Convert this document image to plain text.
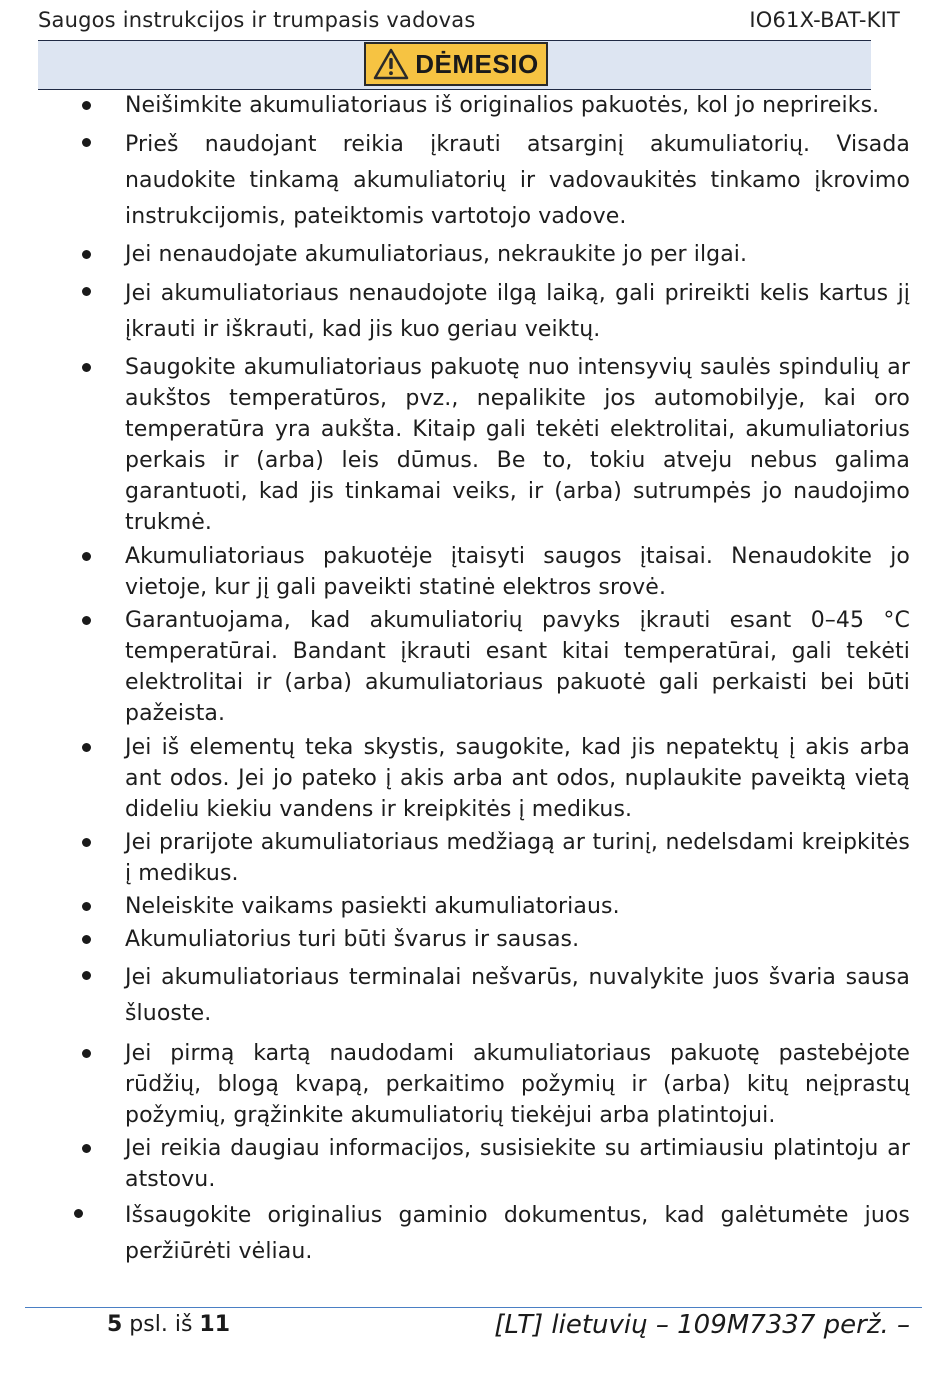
Saugos instrukcijos ir trumpasis vadovas	IO61X-BAT-KIT
DĖMESIO
Neišimkite akumuliatoriaus iš originalios pakuotės, kol jo neprireiks.
Prieš naudojant reikia įkrauti atsarginį akumuliatorių. Visada naudokite tinkamą akumuliatorių ir vadovaukitės tinkamo įkrovimo instrukcijomis, pateiktomis vartotojo vadove.
Jei nenaudojate akumuliatoriaus, nekraukite jo per ilgai.
Jei akumuliatoriaus nenaudojote ilgą laiką, gali prireikti kelis kartus jį įkrauti ir iškrauti, kad jis kuo geriau veiktų.
Saugokite akumuliatoriaus pakuotę nuo intensyvių saulės spindulių ar aukštos temperatūros, pvz., nepalikite jos automobilyje, kai oro temperatūra yra aukšta. Kitaip gali tekėti elektrolitai, akumuliatorius perkais ir (arba) leis dūmus. Be to, tokiu atveju nebus galima garantuoti, kad jis tinkamai veiks, ir (arba) sutrumpės jo naudojimo trukmė.
Akumuliatoriaus pakuotėje įtaisyti saugos įtaisai. Nenaudokite jo vietoje, kur jį gali paveikti statinė elektros srovė.
Garantuojama, kad akumuliatorių pavyks įkrauti esant 0–45 °C temperatūrai. Bandant įkrauti esant kitai temperatūrai, gali tekėti elektrolitai ir (arba) akumuliatoriaus pakuotė gali perkaisti bei būti pažeista.
Jei iš elementų teka skystis, saugokite, kad jis nepatektų į akis arba ant odos. Jei jo pateko į akis arba ant odos, nuplaukite paveiktą vietą dideliu kiekiu vandens ir kreipkitės į medikus.
Jei prarijote akumuliatoriaus medžiagą ar turinį, nedelsdami kreipkitės į medikus.
Neleiskite vaikams pasiekti akumuliatoriaus.
Akumuliatorius turi būti švarus ir sausas.
Jei akumuliatoriaus terminalai nešvarūs, nuvalykite juos švaria sausa šluoste.
Jei pirmą kartą naudodami akumuliatoriaus pakuotę pastebėjote rūdžių, blogą kvapą, perkaitimo požymių ir (arba) kitų neįprastų požymių, grąžinkite akumuliatorių tiekėjui arba platintojui.
Jei reikia daugiau informacijos, susisiekite su artimiausiu platintoju ar atstovu.
Išsaugokite originalius gaminio dokumentus, kad galėtumėte juos peržiūrėti vėliau.
5 psl. iš 11	[LT] lietuvių – 109M7337 perž. –
